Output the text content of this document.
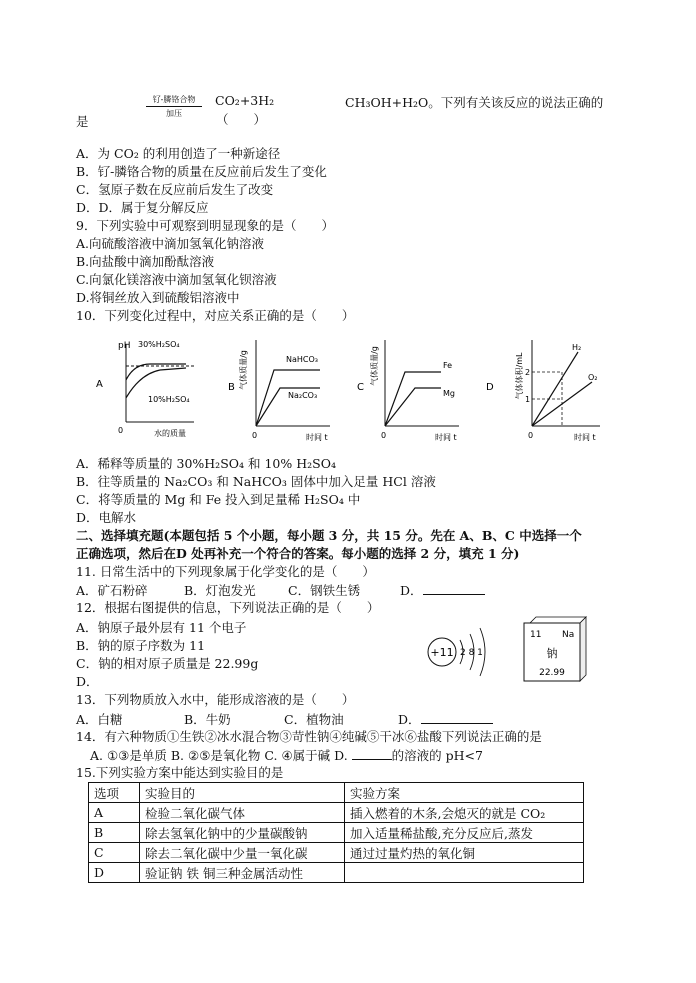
钌-膦铬合物
加压
CO₂+3H₂	CH₃OH+H₂O。下列有关该反应的说法正确的
是	（　　）
A．为 CO₂ 的利用创造了一种新途径
B．钌-膦铬合物的质量在反应前后发生了变化
C．氢原子数在反应前后发生了改变
D．D．属于复分解反应
9．下列实验中可观察到明显现象的是（　　）
A.向硫酸溶液中滴加氢氧化钠溶液
B.向盐酸中滴加酚酞溶液
C.向氯化镁溶液中滴加氢氧化钡溶液
D.将铜丝放入到硫酸铝溶液中
10．下列变化过程中，对应关系正确的是（　　）
A
pH 30%H₂SO₄
10%H₂SO₄
0	水的质量
B 气体质量/g	NaHCO₃
Na₂CO₃
0	时间 t
C
气体质量/g	Fe
Mg
0	时间 t
D	气体体积/mL
H₂
O₂
2
1
0	时间 t
A．稀释等质量的 30%H₂SO₄ 和 10% H₂SO₄
B．往等质量的 Na₂CO₃ 和 NaHCO₃ 固体中加入足量 HCl 溶液
C．将等质量的 Mg 和 Fe 投入到足量稀 H₂SO₄ 中
D．电解水
二、选择填充题(本题包括 5 个小题，每小题 3 分，共 15 分。先在 A、B、C 中选择一个
正确选项，然后在D 处再补充一个符合的答案。每小题的选择 2 分，填充 1 分)
11. 日常生活中的下列现象属于化学变化的是（　　）
A．矿石粉碎	B．灯泡发光	C．钢铁生锈	D．
12．根据右图提供的信息，下列说法正确的是（　　）
A．钠原子最外层有 11 个电子
B．钠的原子序数为 11
C．钠的相对原子质量是 22.99g
D．
+11 2 8 1
11 Na
钠
22.99
13．下列物质放入水中，能形成溶液的是（　　）
A．白糖	B．牛奶	C．植物油	D．
14．有六种物质①生铁②冰水混合物③苛性钠④纯碱⑤干冰⑥盐酸下列说法正确的是
A. ①③是单质 B. ②⑤是氧化物 C. ④属于碱 D.	的溶液的 pH<7
15.下列实验方案中能达到实验目的是
选项	实验目的	实验方案
A	检验二氧化碳气体	插入燃着的木条,会熄灭的就是 CO₂
B	除去氢氧化钠中的少量碳酸钠	加入适量稀盐酸,充分反应后,蒸发
C	除去二氧化碳中少量一氧化碳	通过过量灼热的氧化铜
D	验证钠 铁 铜三种金属活动性	
